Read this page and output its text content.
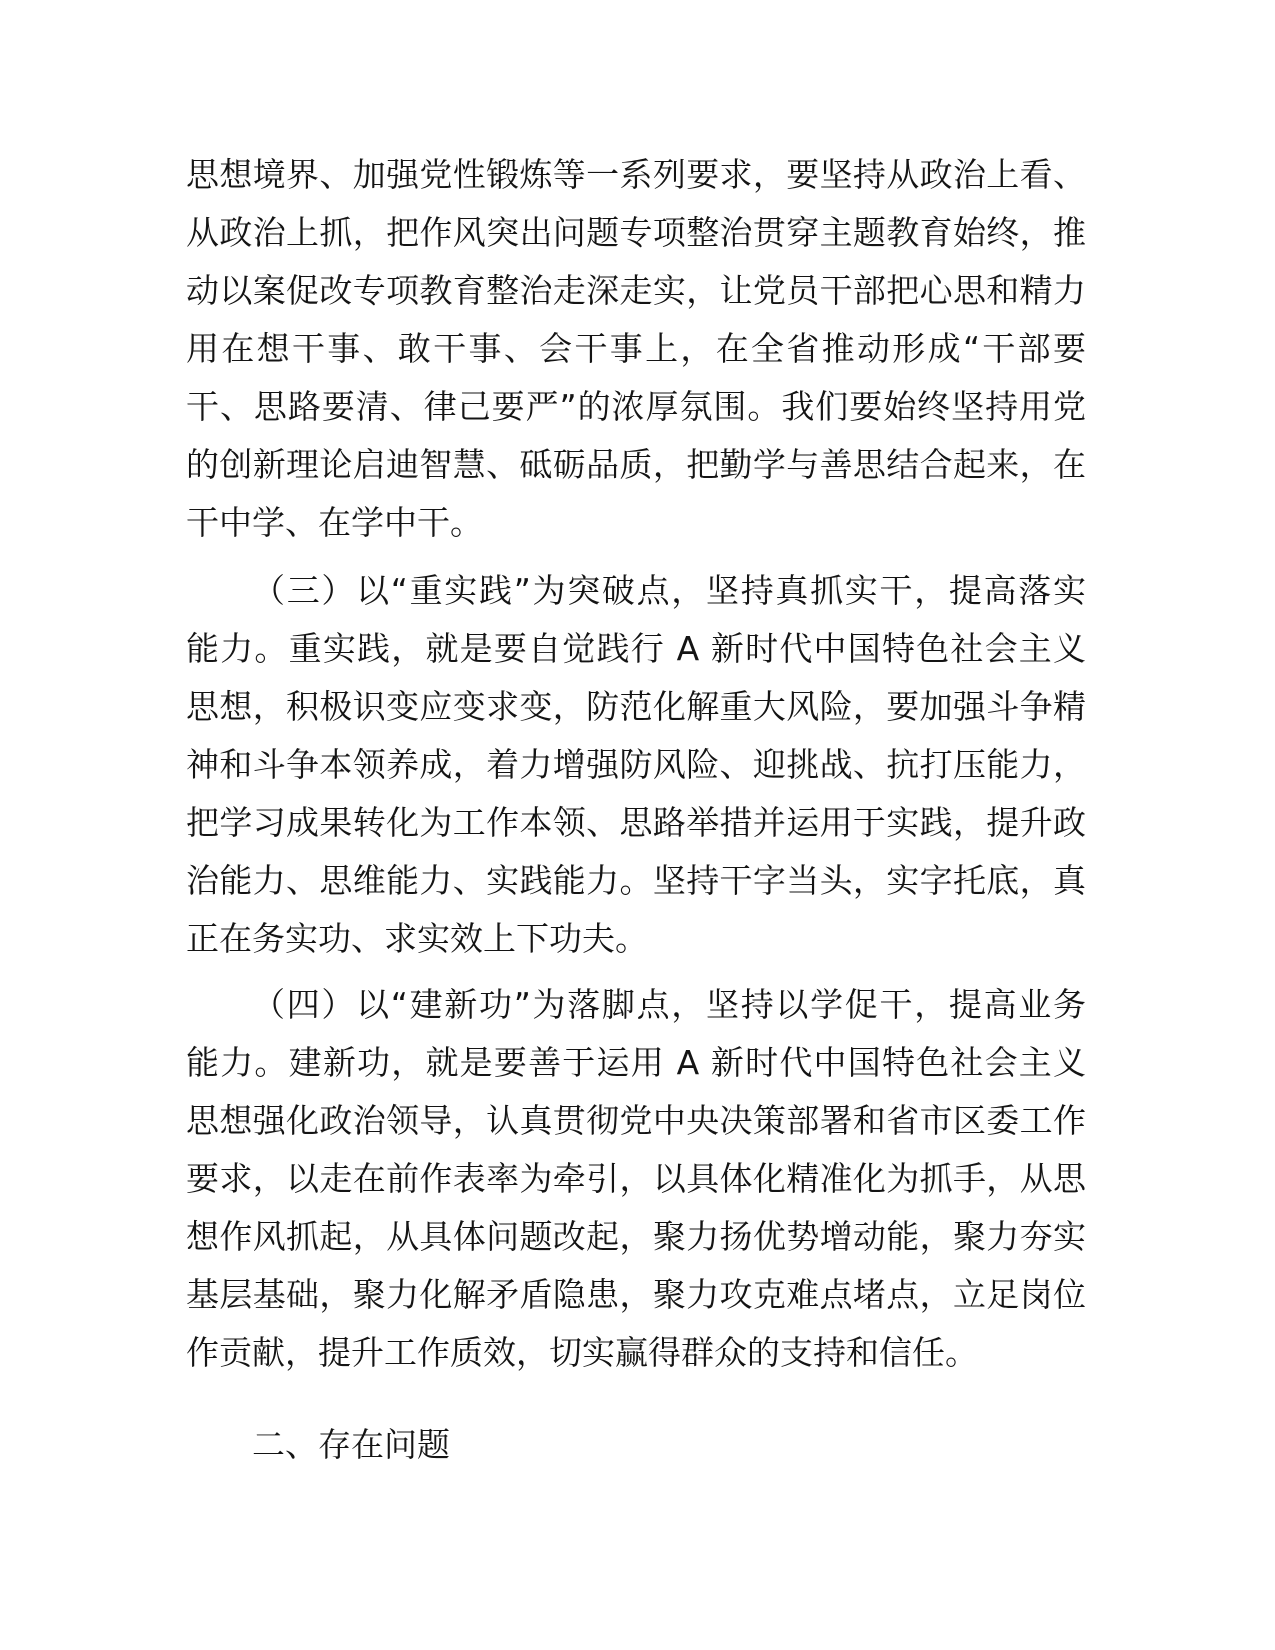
思想境界、加强党性锻炼等一系列要求，要坚持从政治上看、
从政治上抓，把作风突出问题专项整治贯穿主题教育始终，推
动以案促改专项教育整治走深走实，让党员干部把心思和精力
用在想干事、敢干事、会干事上，在全省推动形成“干部要
干、思路要清、律己要严”的浓厚氛围。我们要始终坚持用党
的创新理论启迪智慧、砥砺品质，把勤学与善思结合起来，在
干中学、在学中干。
（三）以“重实践”为突破点，坚持真抓实干，提高落实
能力。重实践，就是要自觉践行 A 新时代中国特色社会主义
思想，积极识变应变求变，防范化解重大风险，要加强斗争精
神和斗争本领养成，着力增强防风险、迎挑战、抗打压能力，
把学习成果转化为工作本领、思路举措并运用于实践，提升政
治能力、思维能力、实践能力。坚持干字当头，实字托底，真
正在务实功、求实效上下功夫。
（四）以“建新功”为落脚点，坚持以学促干，提高业务
能力。建新功，就是要善于运用 A 新时代中国特色社会主义
思想强化政治领导，认真贯彻党中央决策部署和省市区委工作
要求，以走在前作表率为牵引，以具体化精准化为抓手，从思
想作风抓起，从具体问题改起，聚力扬优势增动能，聚力夯实
基层基础，聚力化解矛盾隐患，聚力攻克难点堵点，立足岗位
作贡献，提升工作质效，切实赢得群众的支持和信任。
二、存在问题
